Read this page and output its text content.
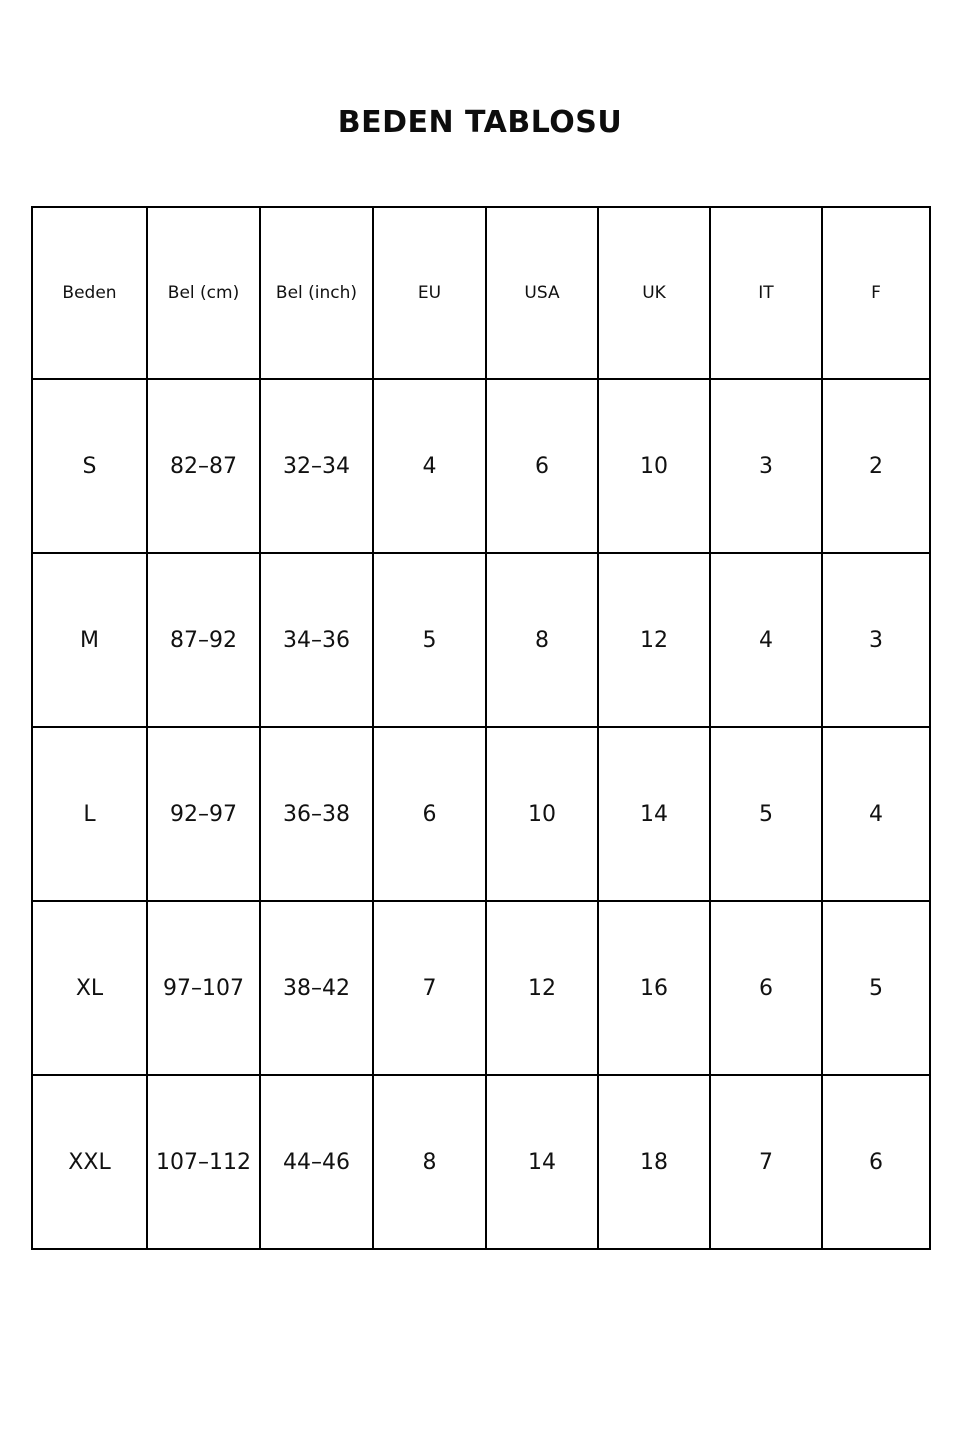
BEDEN TABLOSU
Beden	Bel (cm)	Bel (inch)	EU	USA	UK	IT	F
S	82–87	32–34	4	6	10	3	2
M	87–92	34–36	5	8	12	4	3
L	92–97	36–38	6	10	14	5	4
XL	97–107	38–42	7	12	16	6	5
XXL	107–112	44–46	8	14	18	7	6
